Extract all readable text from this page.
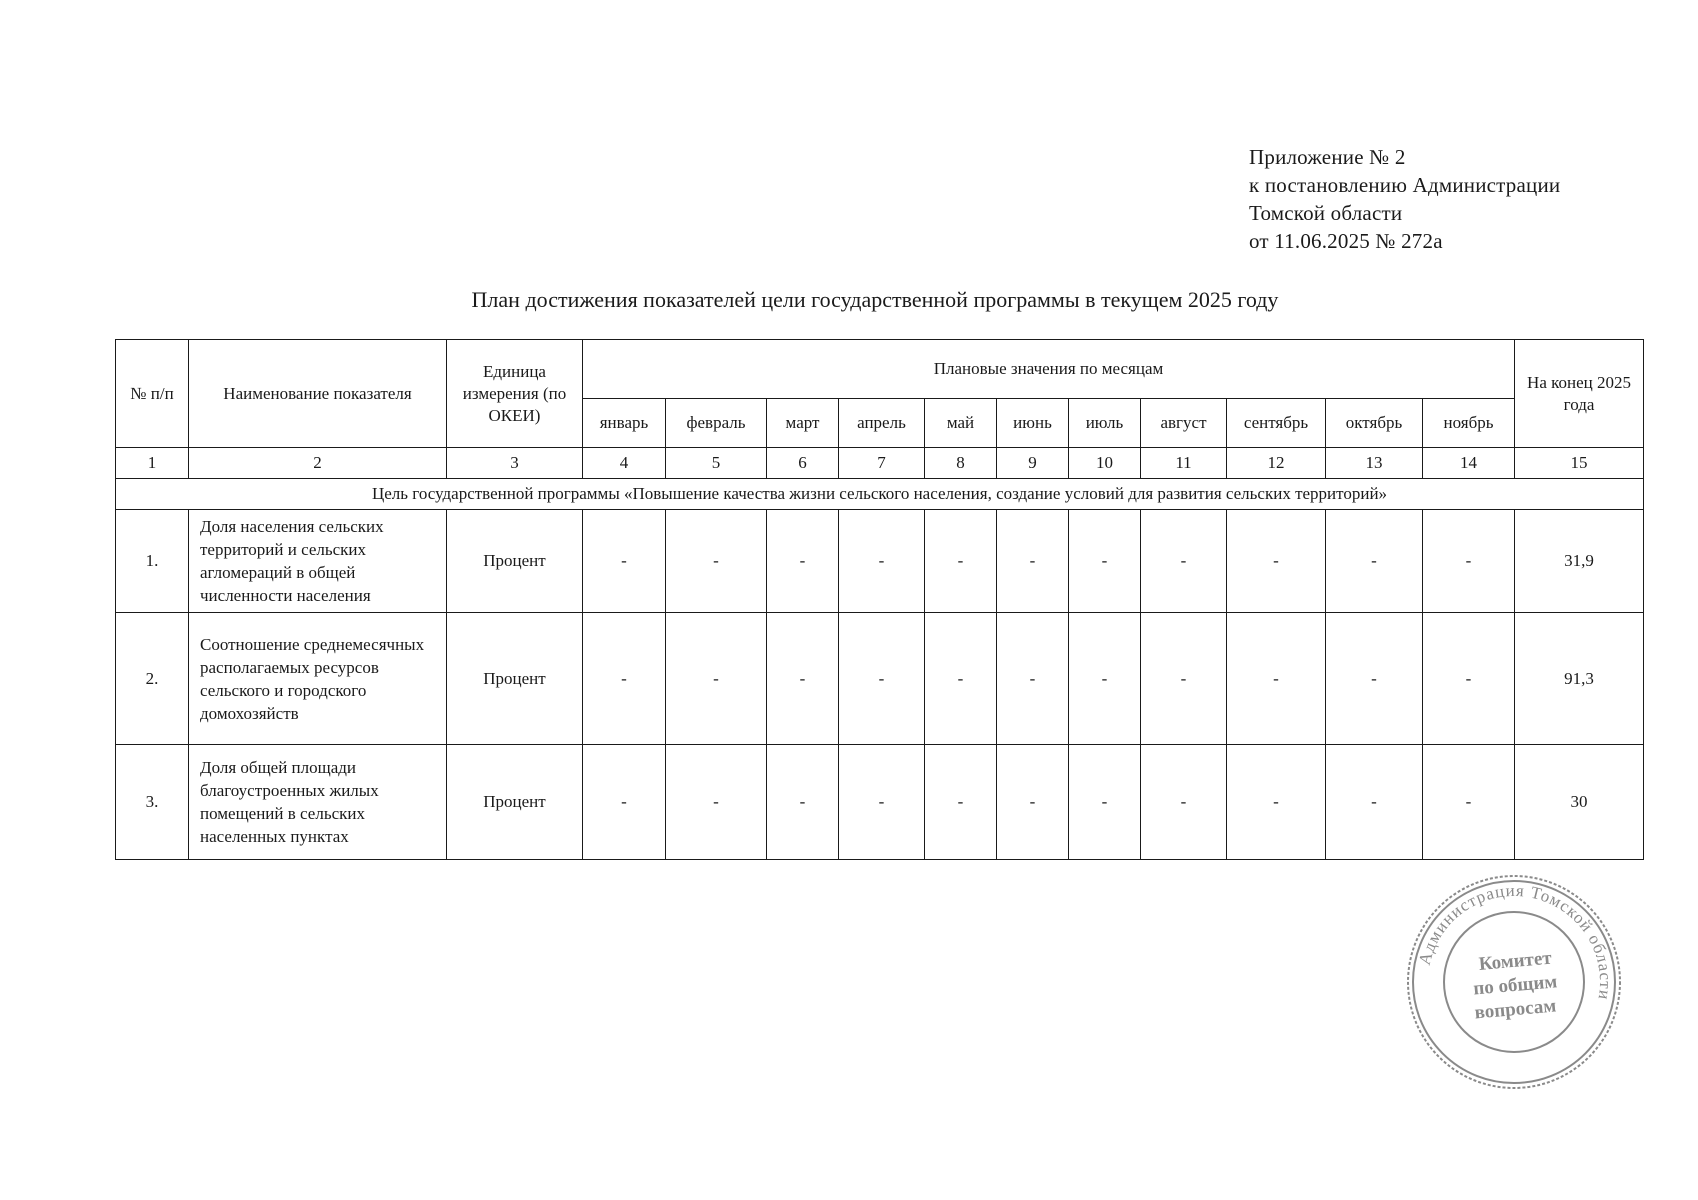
Приложение № 2
к постановлению Администрации
Томской области
от 11.06.2025 № 272а
План достижения показателей цели государственной программы в текущем 2025 году
№ п/п	Наименование показателя	Единица измерения (по ОКЕИ)	Плановые значения по месяцам											На конец 2025 года
			январь	февраль	март	апрель	май	июнь	июль	август	сентябрь	октябрь	ноябрь	
1	2	3	4	5	6	7	8	9	10	11	12	13	14	15
Цель государственной программы «Повышение качества жизни сельского населения, создание условий для развития сельских территорий»														
1.	Доля населения сельских территорий и сельских агломераций в общей численности населения	Процент	-	-	-	-	-	-	-	-	-	-	-	31,9
2.	Соотношение среднемесячных располагаемых ресурсов сельского и городского домохозяйств	Процент	-	-	-	-	-	-	-	-	-	-	-	91,3
3.	Доля общей площади благоустроенных жилых помещений в сельских населенных пунктах	Процент	-	-	-	-	-	-	-	-	-	-	-	30
Администрация Томской области
Комитет
по общим
вопросам
